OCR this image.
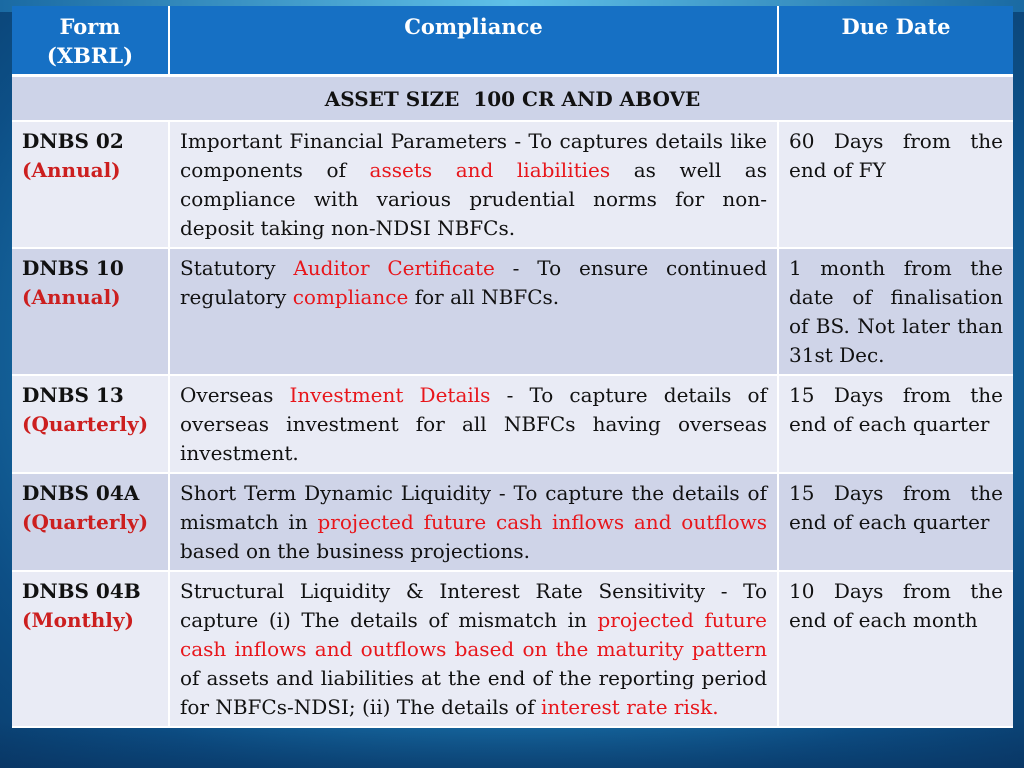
Form
(XBRL)	Compliance	Due Date
ASSET SIZE  100 CR AND ABOVE		
DNBS 02
(Annual)	Important Financial Parameters - To captures details like components of assets and liabilities as well as compliance with various prudential norms for non-deposit taking non-NDSI NBFCs.	60 Days from the end of FY
DNBS 10
(Annual)	Statutory Auditor Certificate - To ensure continued regulatory compliance for all NBFCs.	1 month from the date of finalisation of BS. Not later than 31st Dec.
DNBS 13
(Quarterly)	Overseas Investment Details - To capture details of overseas investment for all NBFCs having overseas investment.	15 Days from the end of each quarter
DNBS 04A
(Quarterly)	Short Term Dynamic Liquidity - To capture the details of mismatch in projected future cash inflows and outflows based on the business projections.	15 Days from the end of each quarter
DNBS 04B
(Monthly)	Structural Liquidity & Interest Rate Sensitivity - To capture (i) The details of mismatch in projected future cash inflows and outflows based on the maturity pattern of assets and liabilities at the end of the reporting period for NBFCs-NDSI; (ii) The details of interest rate risk.	10 Days from the end of each month
